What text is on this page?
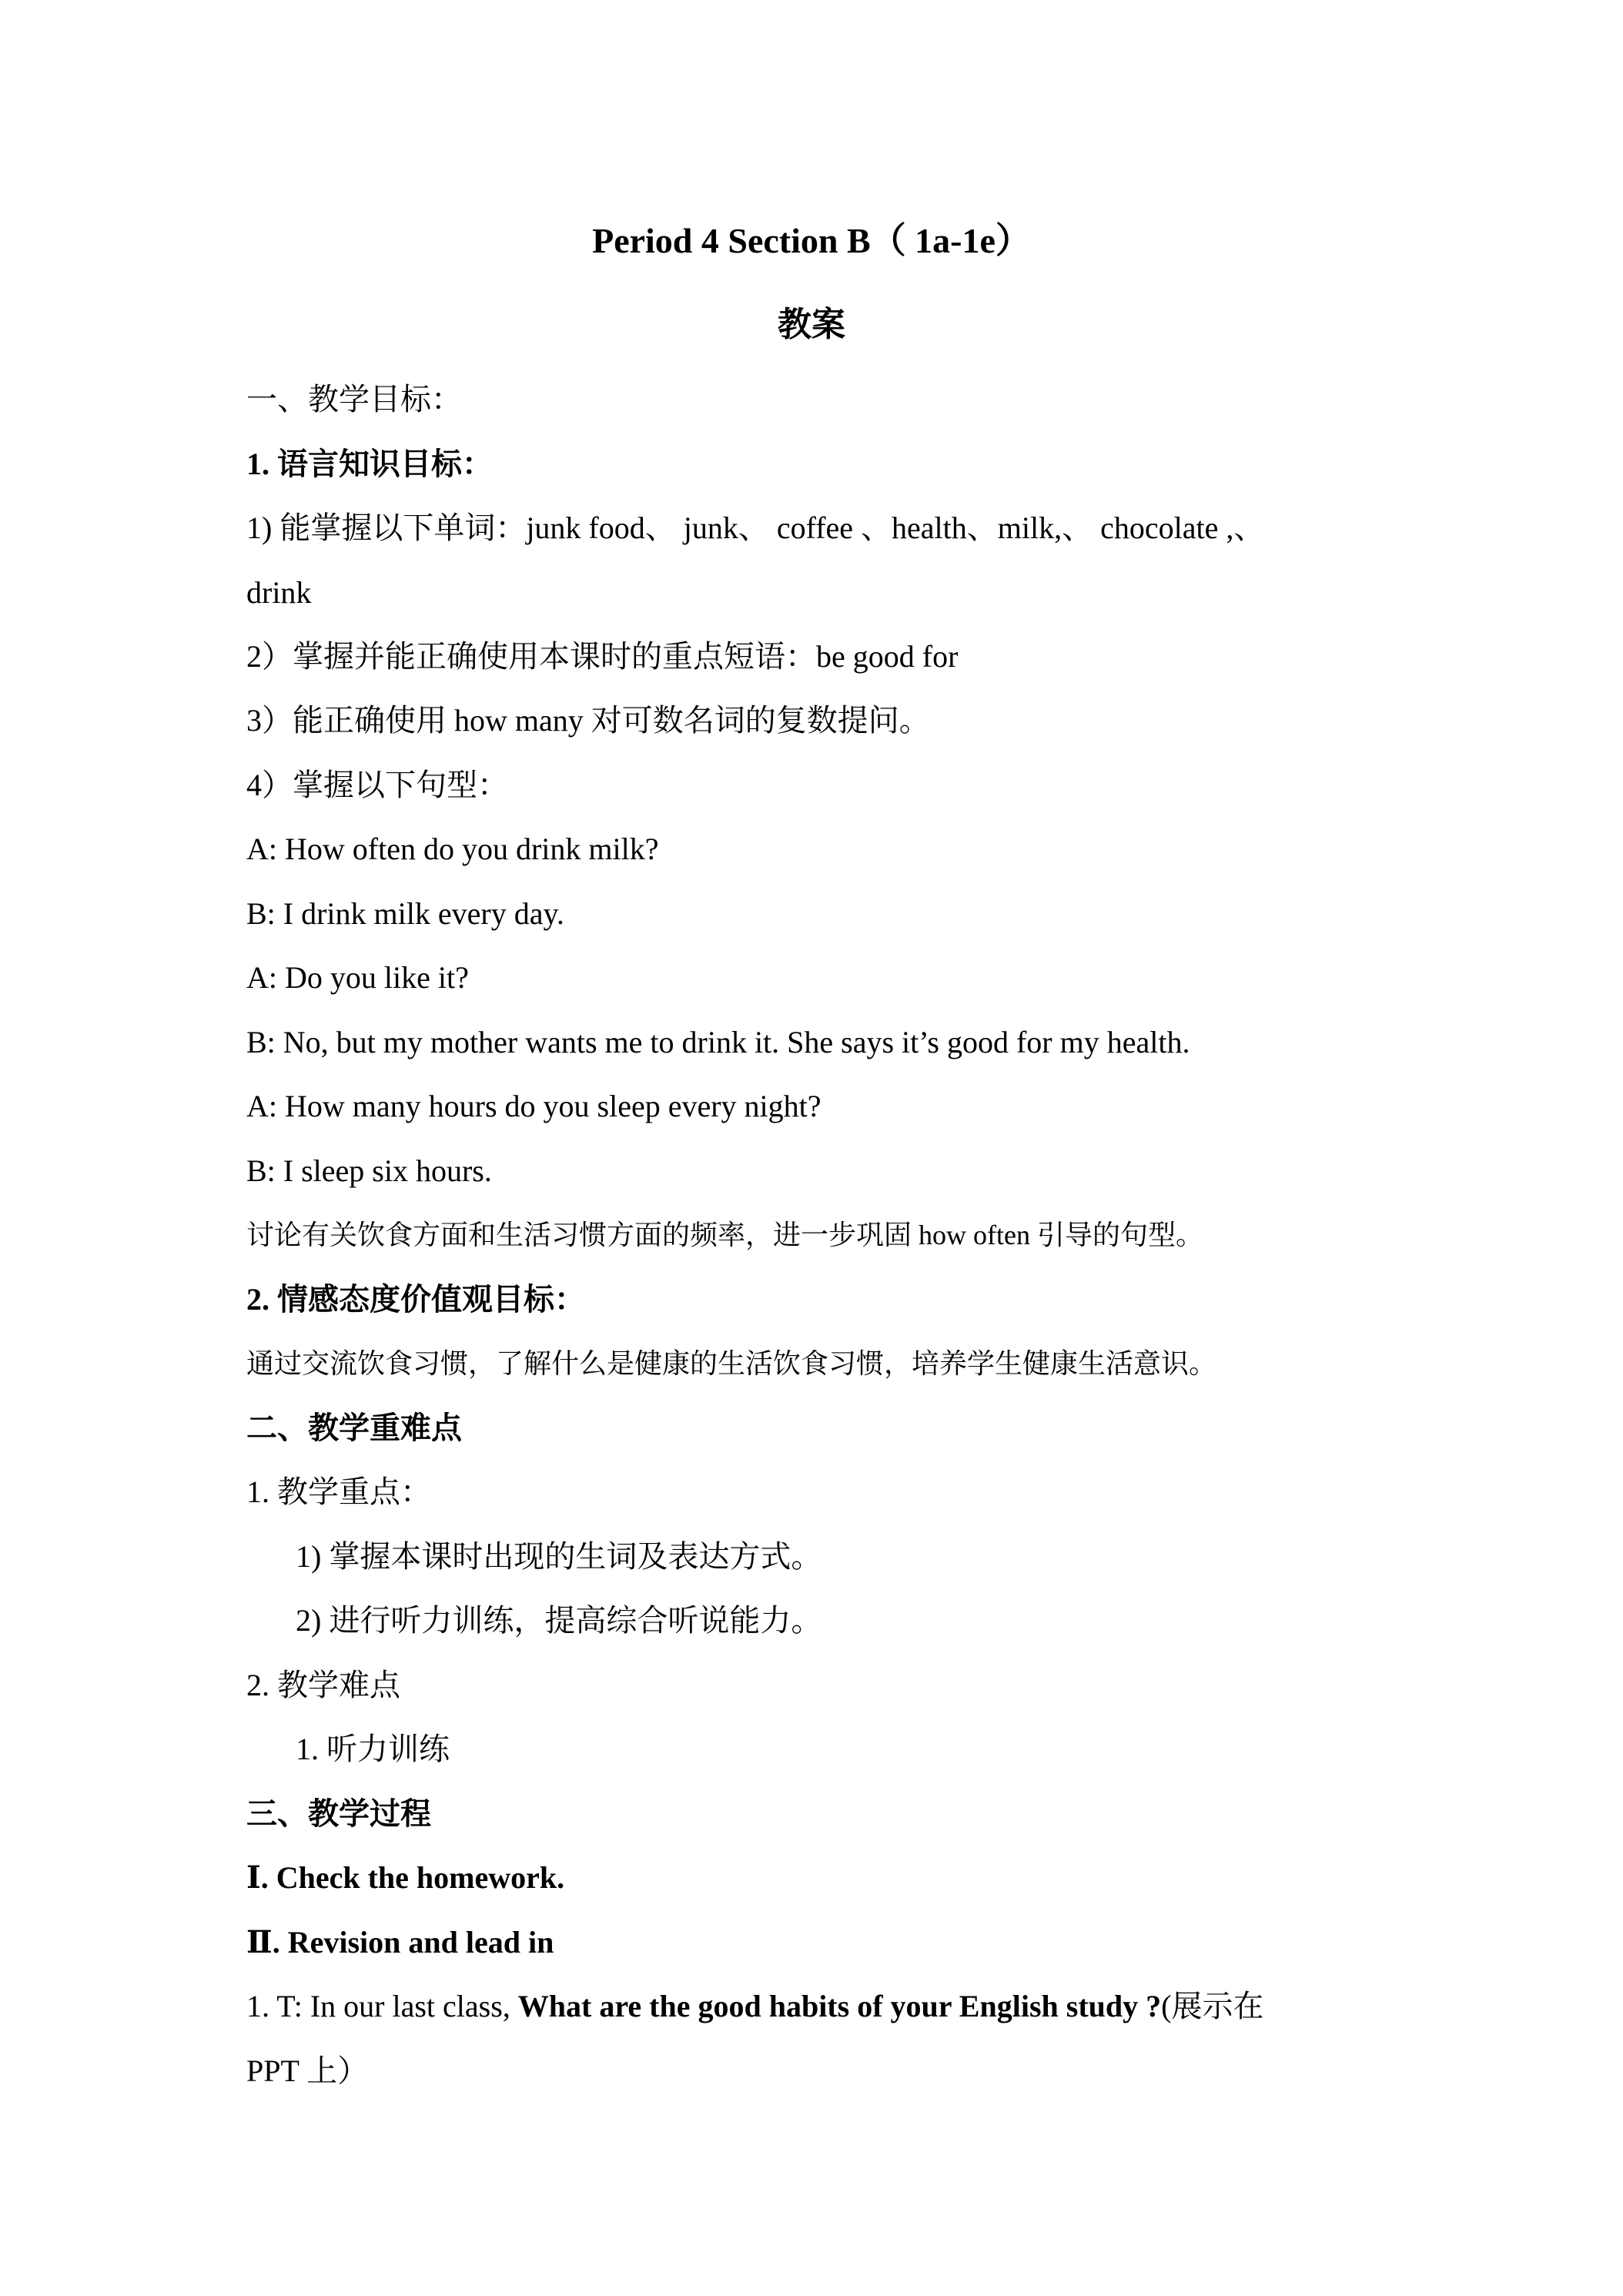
Period 4 Section B（ 1a-1e）
教案
一、教学目标：
1. 语言知识目标：
1) 能掌握以下单词：junk food、 junk、 coffee 、health、milk,、 chocolate ,、
drink
2）掌握并能正确使用本课时的重点短语：be good for
3）能正确使用 how many 对可数名词的复数提问。
4）掌握以下句型：
A: How often do you drink milk?
B: I drink milk every day.
A: Do you like it?
B: No, but my mother wants me to drink it. She says it’s good for my health.
A: How many hours do you sleep every night?
B: I sleep six hours.
讨论有关饮食方面和生活习惯方面的频率，进一步巩固 how often 引导的句型。
2. 情感态度价值观目标：
通过交流饮食习惯，了解什么是健康的生活饮食习惯，培养学生健康生活意识。
二、教学重难点
1. 教学重点：
1) 掌握本课时出现的生词及表达方式。
2) 进行听力训练，提高综合听说能力。
2. 教学难点
1. 听力训练
三、教学过程
Ⅰ. Check the homework.
Ⅱ. Revision and lead in
1. T: In our last class, What are the good habits of your English study ?(展示在
PPT 上）
